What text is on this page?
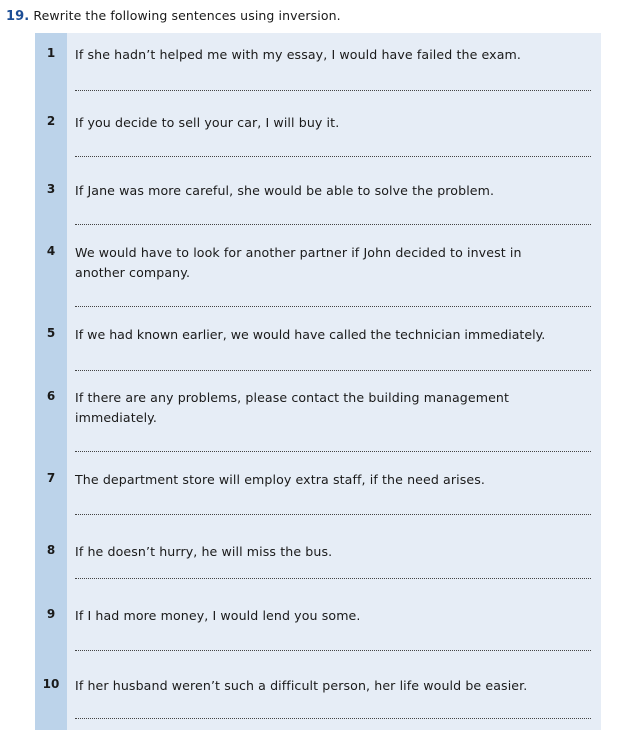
19. Rewrite the following sentences using inversion.
1	If she hadn’t helped me with my essay, I would have failed the exam.
2	If you decide to sell your car, I will buy it.
3	If Jane was more careful, she would be able to solve the problem.
4	We would have to look for another partner if John decided to invest in another company.
5	If we had known earlier, we would have called the technician immediately.
6	If there are any problems, please contact the building management immediately.
7	The department store will employ extra staff, if the need arises.
8	If he doesn’t hurry, he will miss the bus.
9	If I had more money, I would lend you some.
10	If her husband weren’t such a difficult person, her life would be easier.
